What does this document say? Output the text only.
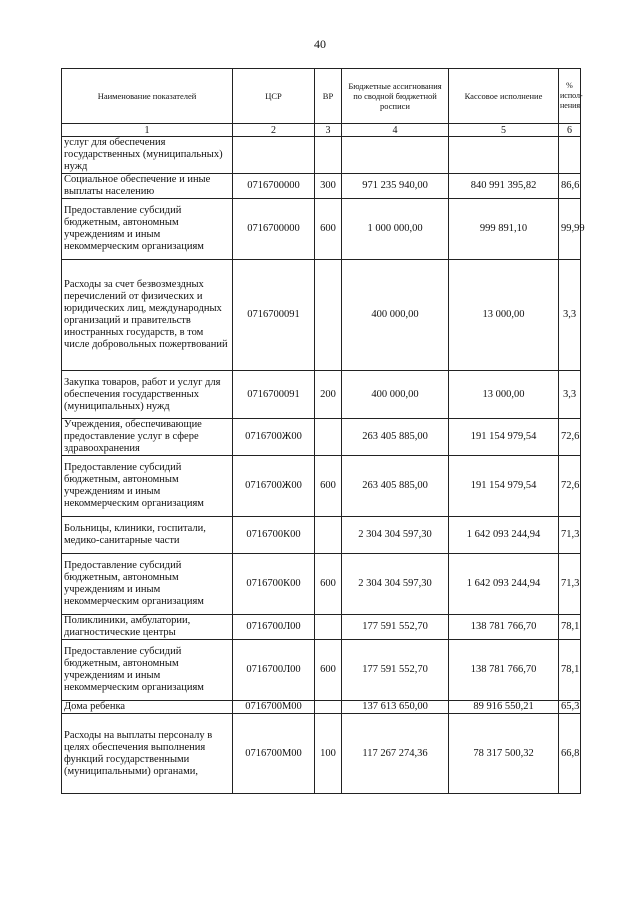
40
Наименование показателей	ЦСР	ВР	Бюджетные ассигнования по сводной бюджетной росписи	Кассовое исполнение	% испол-нения
1	2	3	4	5	6
услуг для обеспечения государственных (муниципальных) нужд					
Социальное обеспечение и иные выплаты населению	0716700000	300	971 235 940,00	840 991 395,82	86,6
Предоставление субсидий бюджетным, автономным учреждениям и иным некоммерческим организациям	0716700000	600	1 000 000,00	999 891,10	99,99
Расходы за счет безвозмездных перечислений от физических и юридических лиц, международных организаций и правительств иностранных государств, в том числе добровольных пожертвований	0716700091		400 000,00	13 000,00	3,3
Закупка товаров, работ и услуг для обеспечения государственных (муниципальных) нужд	0716700091	200	400 000,00	13 000,00	3,3
Учреждения, обеспечивающие предоставление услуг в сфере здравоохранения	0716700Ж00		263 405 885,00	191 154 979,54	72,6
Предоставление субсидий бюджетным, автономным учреждениям и иным некоммерческим организациям	0716700Ж00	600	263 405 885,00	191 154 979,54	72,6
Больницы, клиники, госпитали, медико-санитарные части	0716700К00		2 304 304 597,30	1 642 093 244,94	71,3
Предоставление субсидий бюджетным, автономным учреждениям и иным некоммерческим организациям	0716700К00	600	2 304 304 597,30	1 642 093 244,94	71,3
Поликлиники, амбулатории, диагностические центры	0716700Л00		177 591 552,70	138 781 766,70	78,1
Предоставление субсидий бюджетным, автономным учреждениям и иным некоммерческим организациям	0716700Л00	600	177 591 552,70	138 781 766,70	78,1
Дома ребенка	0716700М00		137 613 650,00	89 916 550,21	65,3
Расходы на выплаты персоналу в целях обеспечения выполнения функций государственными (муниципальными) органами,	0716700М00	100	117 267 274,36	78 317 500,32	66,8
